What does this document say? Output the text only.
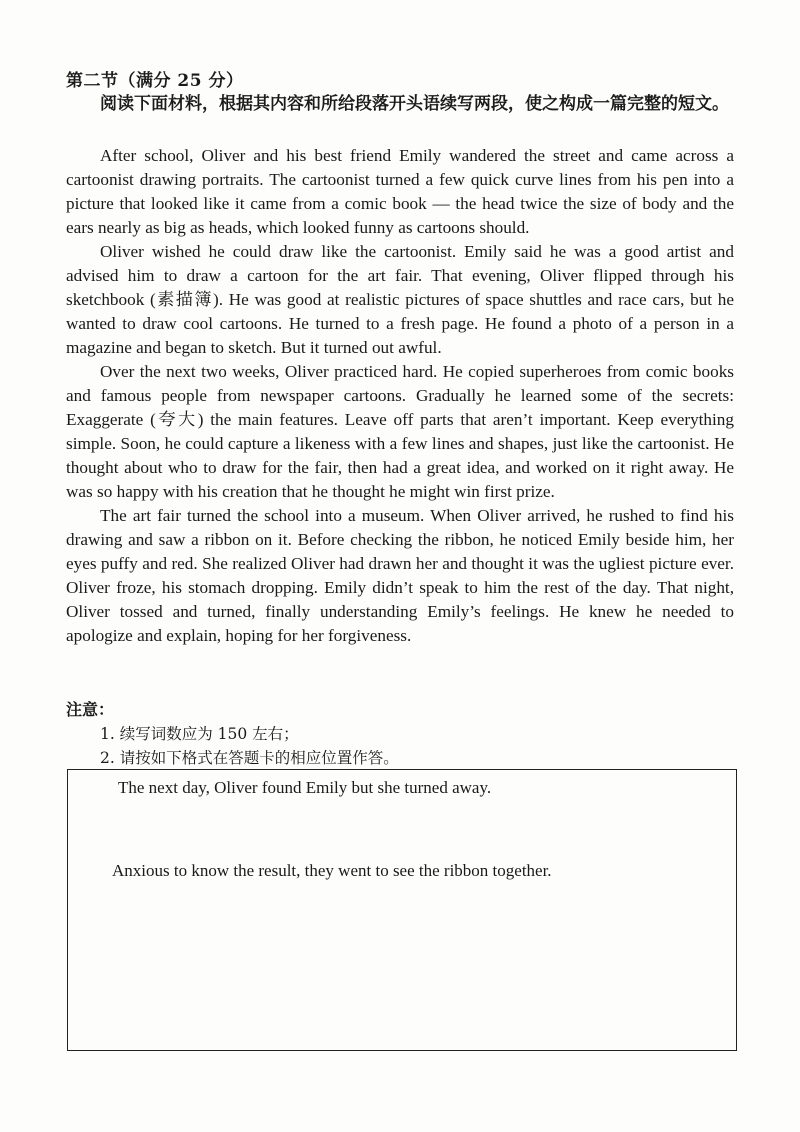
第二节（满分 25 分）
阅读下面材料，根据其内容和所给段落开头语续写两段，使之构成一篇完整的短文。

After school, Oliver and his best friend Emily wandered the street and came across a cartoonist drawing portraits. The cartoonist turned a few quick curve lines from his pen into a picture that looked like it came from a comic book — the head twice the size of body and the ears nearly as big as heads, which looked funny as cartoons should.

Oliver wished he could draw like the cartoonist. Emily said he was a good artist and advised him to draw a cartoon for the art fair. That evening, Oliver flipped through his sketchbook (素描簿). He was good at realistic pictures of space shuttles and race cars, but he wanted to draw cool cartoons. He turned to a fresh page. He found a photo of a person in a magazine and began to sketch. But it turned out awful.

Over the next two weeks, Oliver practiced hard. He copied superheroes from comic books and famous people from newspaper cartoons. Gradually he learned some of the secrets: Exaggerate (夸大) the main features. Leave off parts that aren’t important. Keep everything simple. Soon, he could capture a likeness with a few lines and shapes, just like the cartoonist. He thought about who to draw for the fair, then had a great idea, and worked on it right away. He was so happy with his creation that he thought he might win first prize.

The art fair turned the school into a museum. When Oliver arrived, he rushed to find his drawing and saw a ribbon on it. Before checking the ribbon, he noticed Emily beside him, her eyes puffy and red. She realized Oliver had drawn her and thought it was the ugliest picture ever. Oliver froze, his stomach dropping. Emily didn’t speak to him the rest of the day. That night, Oliver tossed and turned, finally understanding Emily’s feelings. He knew he needed to apologize and explain, hoping for her forgiveness.

注意：
1. 续写词数应为 150 左右；
2. 请按如下格式在答题卡的相应位置作答。
The next day, Oliver found Emily but she turned away.
Anxious to know the result, they went to see the ribbon together.
